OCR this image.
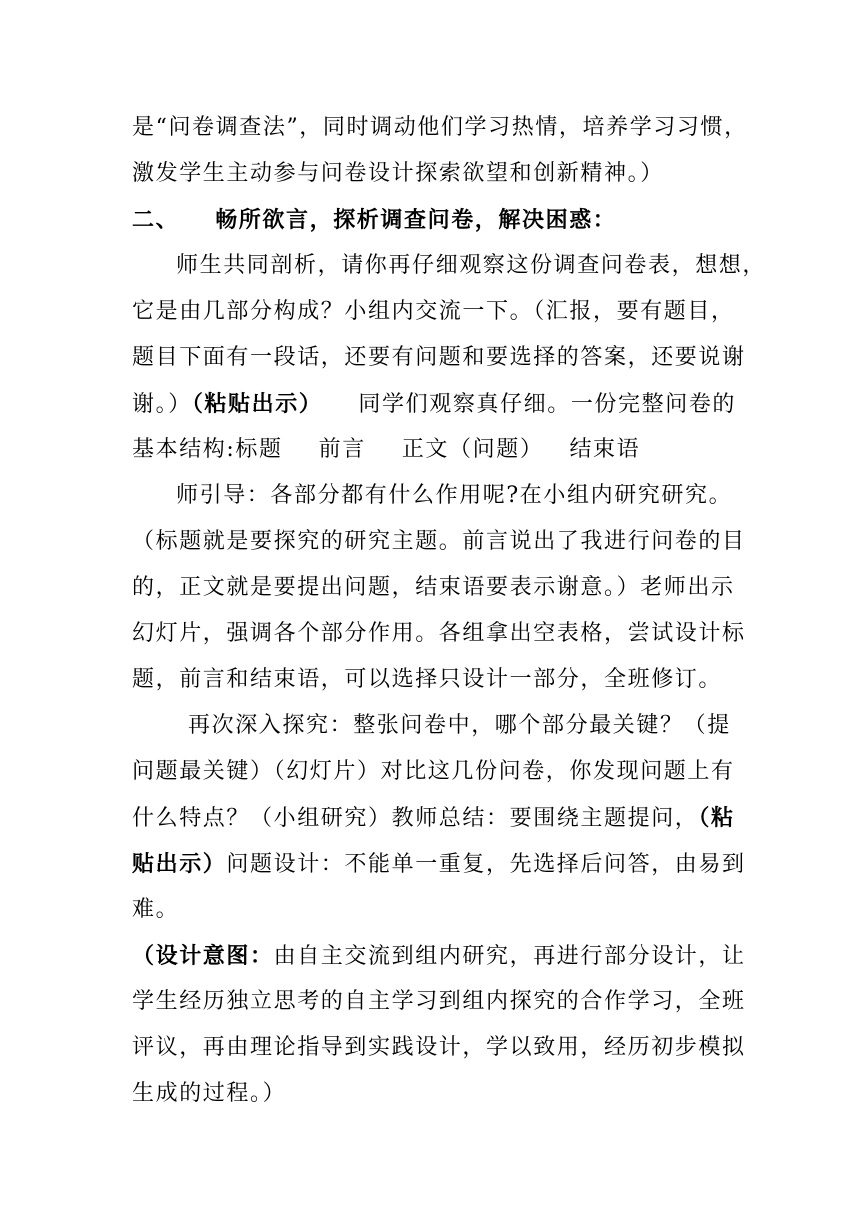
是“问卷调查法”，同时调动他们学习热情，培养学习习惯，
激发学生主动参与问卷设计探索欲望和创新精神。）
二、 畅所欲言，探析调查问卷，解决困惑：
师生共同剖析，请你再仔细观察这份调查问卷表，想想，
它是由几部分构成？小组内交流一下。（汇报，要有题目，
题目下面有一段话，还要有问题和要选择的答案，还要说谢
谢。）（粘贴出示） 同学们观察真仔细。一份完整问卷的
基本结构:标题 前言 正文（问题） 结束语
师引导：各部分都有什么作用呢?在小组内研究研究。
（标题就是要探究的研究主题。前言说出了我进行问卷的目
的，正文就是要提出问题，结束语要表示谢意。）老师出示
幻灯片，强调各个部分作用。各组拿出空表格，尝试设计标
题，前言和结束语，可以选择只设计一部分，全班修订。
再次深入探究：整张问卷中，哪个部分最关键？（提
问题最关键）（幻灯片）对比这几份问卷，你发现问题上有
什么特点？（小组研究）教师总结：要围绕主题提问，（粘
贴出示）问题设计：不能单一重复，先选择后问答，由易到
难。
（设计意图：由自主交流到组内研究，再进行部分设计，让
学生经历独立思考的自主学习到组内探究的合作学习，全班
评议，再由理论指导到实践设计，学以致用，经历初步模拟
生成的过程。）
